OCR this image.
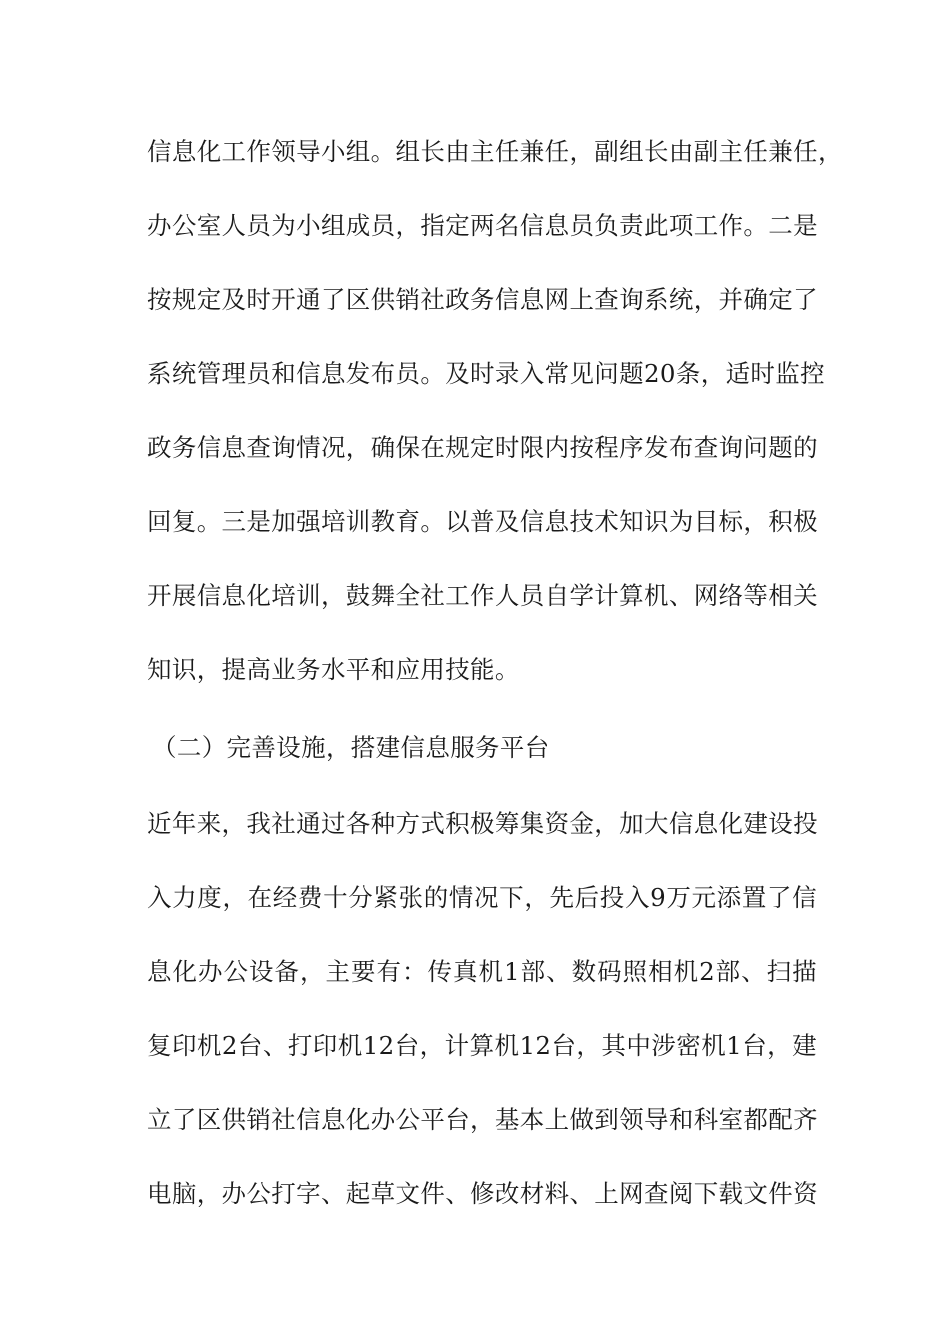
信息化工作领导小组。组长由主任兼任，副组长由副主任兼任，
办公室人员为小组成员，指定两名信息员负责此项工作。二是
按规定及时开通了区供销社政务信息网上查询系统，并确定了
系统管理员和信息发布员。及时录入常见问题20条，适时监控
政务信息查询情况，确保在规定时限内按程序发布查询问题的
回复。三是加强培训教育。以普及信息技术知识为目标，积极
开展信息化培训，鼓舞全社工作人员自学计算机、网络等相关
知识，提高业务水平和应用技能。
（二）完善设施，搭建信息服务平台
近年来，我社通过各种方式积极筹集资金，加大信息化建设投
入力度，在经费十分紧张的情况下，先后投入9万元添置了信
息化办公设备，主要有：传真机1部、数码照相机2部、扫描
复印机2台、打印机12台，计算机12台，其中涉密机1台，建
立了区供销社信息化办公平台，基本上做到领导和科室都配齐
电脑，办公打字、起草文件、修改材料、上网查阅下载文件资
